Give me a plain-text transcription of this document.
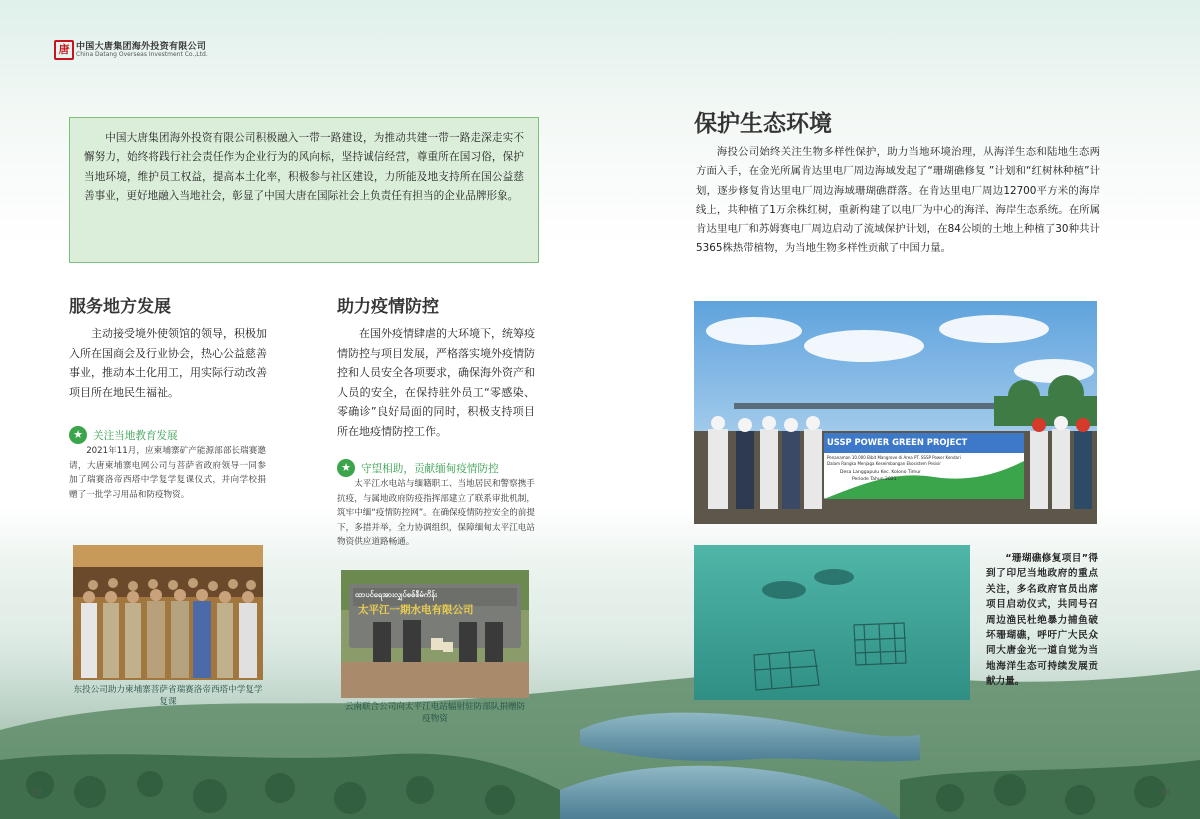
唐 中国大唐集团海外投资有限公司
China Datang Overseas Investment Co.,Ltd.

中国大唐集团海外投资有限公司积极融入一带一路建设，为推动共建一带一路走深走实不懈努力，始终将践行社会责任作为企业行为的风向标，坚持诚信经营，尊重所在国习俗，保护当地环境，维护员工权益，提高本土化率，积极参与社区建设，力所能及地支持所在国公益慈善事业，更好地融入当地社会，彰显了中国大唐在国际社会上负责任有担当的企业品牌形象。

服务地方发展

主动接受境外使领馆的领导，积极加入所在国商会及行业协会，热心公益慈善事业，推动本土化用工，用实际行动改善项目所在地民生福祉。

★ 关注当地教育发展

2021年11月，应柬埔寨矿产能源部部长瑞赛邀请，大唐柬埔寨电网公司与菩萨省政府领导一同参加了瑞赛洛帝西塔中学复学复课仪式，并向学校捐赠了一批学习用品和防疫物资。

东投公司助力柬埔寨菩萨省瑞赛洛帝西塔中学复学复课
助力疫情防控

在国外疫情肆虐的大环境下，统筹疫情防控与项目发展，严格落实境外疫情防控和人员安全各项要求，确保海外资产和人员的安全，在保持驻外员工“零感染、零确诊”良好局面的同时，积极支持项目所在地疫情防控工作。

★ 守望相助，贡献缅甸疫情防控

太平江水电站与缅籍职工、当地居民和警察携手抗疫，与属地政府防疫指挥部建立了联系审批机制，筑牢中缅“疫情防控网”。在确保疫情防控安全的前提下，多措并举，全力协调组织，保障缅甸太平江电站物资供应道路畅通。

ထာပင်ရေအားလျှပ်စစ်စီမံကိန်း
太平江一期水电有限公司
云南联合公司向太平江电站辐射驻防部队捐赠防疫物资
保护生态环境

海投公司始终关注生物多样性保护，助力当地环境治理，从海洋生态和陆地生态两方面入手，在金光所属肯达里电厂周边海域发起了“珊瑚礁修复 ”计划和“红树林种植”计划，逐步修复肯达里电厂周边海域珊瑚礁群落。在肯达里电厂周边12700平方米的海岸线上，共种植了1万余株红树，重新构建了以电厂为中心的海洋、海岸生态系统。在所属肯达里电厂和苏姆赛电厂周边启动了流域保护计划，在84公顷的土地上种植了30种共计5365株热带植物，为当地生物多样性贡献了中国力量。

USSP POWER GREEN PROJECT
Penanaman 10.000 Bibit Mangrove di Area PT. SSSP Power Kendari
Dalam Rangka Menjaga Keseimbangan Ekosistem Pesisir
Desa Langgapulu Kec. Kolono Timur
Periode Tahun 2021
“珊瑚礁修复项目”得到了印尼当地政府的重点关注，多名政府官员出席项目启动仪式，共同号召周边渔民杜绝暴力捕鱼破坏珊瑚礁，呼吁广大民众同大唐金光一道自觉为当地海洋生态可持续发展贡献力量。
37	38
